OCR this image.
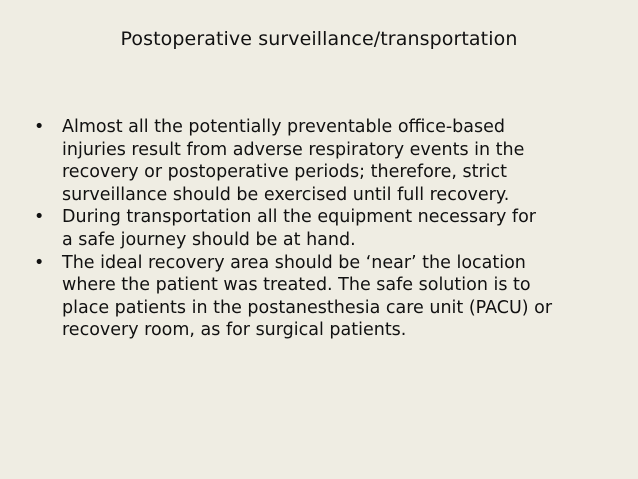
Postoperative surveillance/transportation
•	Almost all the potentially preventable office-based
injuries result from adverse respiratory events in the
recovery or postoperative periods; therefore, strict
surveillance should be exercised until full recovery.
•	During transportation all the equipment necessary for
a safe journey should be at hand.
•	The ideal recovery area should be ‘near’ the location
where the patient was treated. The safe solution is to
place patients in the postanesthesia care unit (PACU) or
recovery room, as for surgical patients.
